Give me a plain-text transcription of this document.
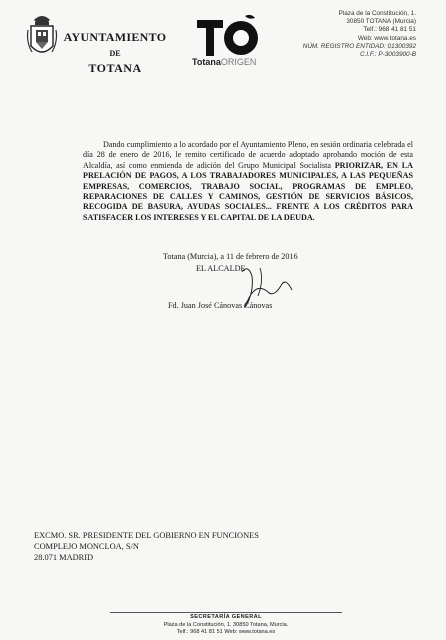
AYUNTAMIENTO
DE
TOTANA	TotanaORIGEN
Plaza de la Constitución, 1.
30850 TOTANA (Murcia)
Telf.: 968 41 81 51
Web: www.totana.es
NÚM. REGISTRO ENTIDAD: 01300392
C.I.F.: P-3003900-B
Dando cumplimiento a lo acordado por el Ayuntamiento Pleno, en sesión ordinaria celebrada el día 28 de enero de 2016, le remito certificado de acuerdo adoptado aprobando moción de esta Alcaldía, así como enmienda de adición del Grupo Municipal Socialista PRIORIZAR, EN LA PRELACIÓN DE PAGOS, A LOS TRABAJADORES MUNICIPALES, A LAS PEQUEÑAS EMPRESAS, COMERCIOS, TRABAJO SOCIAL, PROGRAMAS DE EMPLEO, REPARACIONES DE CALLES Y CAMINOS, GESTIÓN DE SERVICIOS BÁSICOS, RECOGIDA DE BASURA, AYUDAS SOCIALES... FRENTE A LOS CRÉDITOS PARA SATISFACER LOS INTERESES Y EL CAPITAL DE LA DEUDA.
Totana (Murcia), a 11 de febrero de 2016
EL ALCALDE
Fd. Juan José Cánovas Cánovas
EXCMO. SR. PRESIDENTE DEL GOBIERNO EN FUNCIONES
COMPLEJO MONCLOA, S/N
28.071 MADRID
SECRETARÍA GENERAL
Plaza de la Constitución, 1. 30850 Totana, Murcia.
Telf.: 968 41 81 51 Web: www.totana.es
